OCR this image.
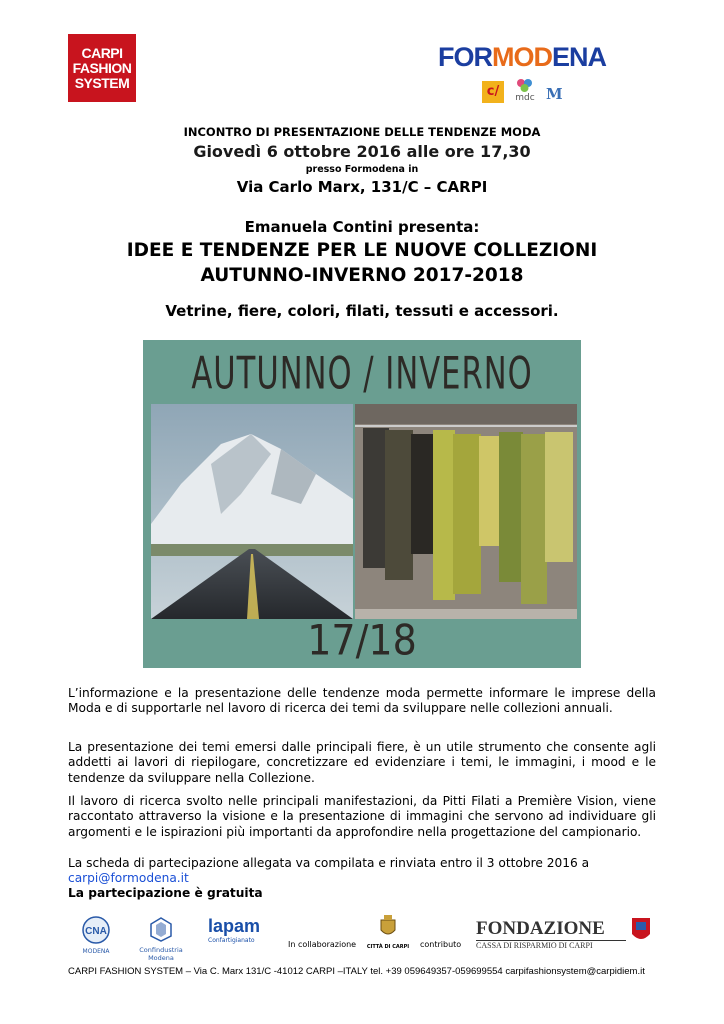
CARPI
FASHION
SYSTEM
FORMODENA
c/	mdc M

INCONTRO DI PRESENTAZIONE DELLE TENDENZE MODA

Giovedì 6 ottobre 2016 alle ore 17,30

presso Formodena in

Via Carlo Marx, 131/C – CARPI

Emanuela Contini presenta:

IDEE E TENDENZE PER LE NUOVE COLLEZIONI
AUTUNNO-INVERNO 2017-2018

Vetrine, fiere, colori, filati, tessuti e accessori.

AUTUNNO / INVERNO
17/18

L’informazione e la presentazione delle tendenze moda permette informare le imprese della Moda e di supportarle nel lavoro di ricerca dei temi da sviluppare nelle collezioni annuali.

La presentazione dei temi emersi dalle principali fiere, è un utile strumento che consente agli addetti ai lavori di riepilogare, concretizzare ed evidenziare i temi, le immagini, i mood e le tendenze da sviluppare nella Collezione.

Il lavoro di ricerca svolto nelle principali manifestazioni, da Pitti Filati a Première Vision, viene raccontato attraverso la visione e la presentazione di immagini che servono ad individuare gli argomenti e le ispirazioni più importanti da approfondire nella progettazione del campionario.

La scheda di partecipazione allegata va compilata e rinviata entro il 3 ottobre 2016 a

carpi@formodena.it

La partecipazione è gratuita

CNA
MODENA	Confindustria Modena
lapam
Confartigianato	In collaborazione CITTÀ DI CARPI contributo
FONDAZIONE
CASSA DI RISPARMIO DI CARPI
CARPI FASHION SYSTEM – Via C. Marx 131/C -41012 CARPI –ITALY tel. +39 059649357-059699554 carpifashionsystem@carpidiem.it
